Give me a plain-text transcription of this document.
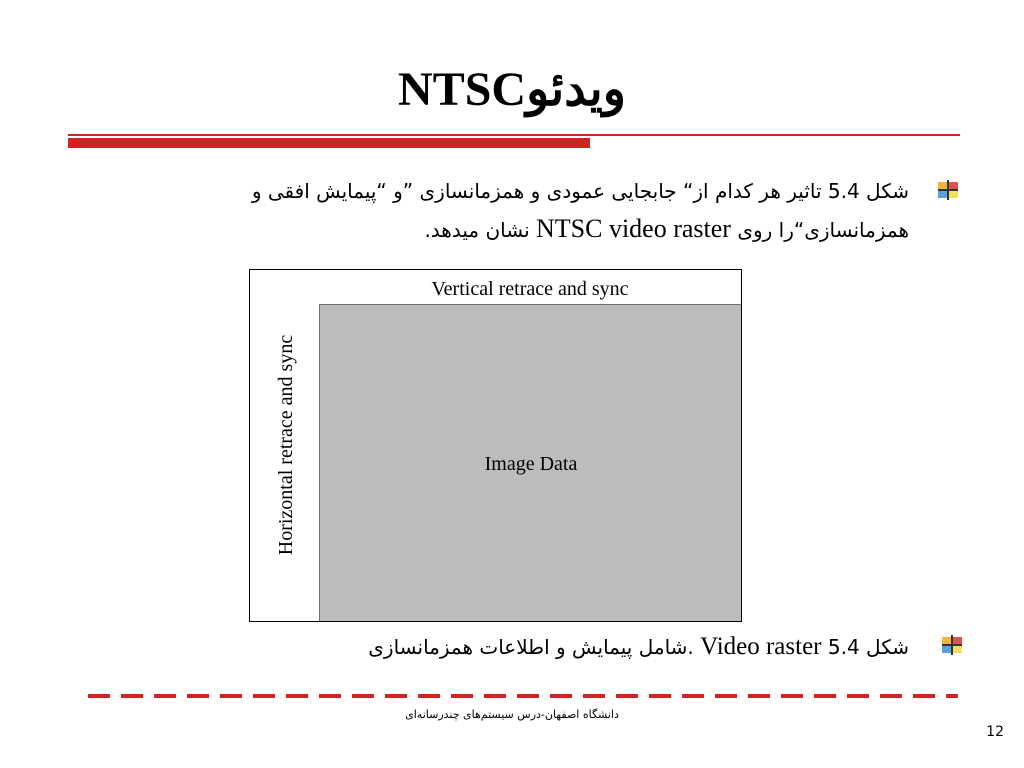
ویدئوNTSC
شکل 5.4 تاثیر هر کدام از“ جابجایی عمودی و همزمانسازی ”و “پیمایش افقی و
همزمانسازی“را روی NTSC video raster نشان میدهد.
Vertical retrace and sync
Horizontal retrace and sync	Image Data
شکل 5.4 Video raster .شامل پیمایش و اطلاعات همزمانسازی
دانشگاه اصفهان-درس سیستم‌های چندرسانه‌ای
12
